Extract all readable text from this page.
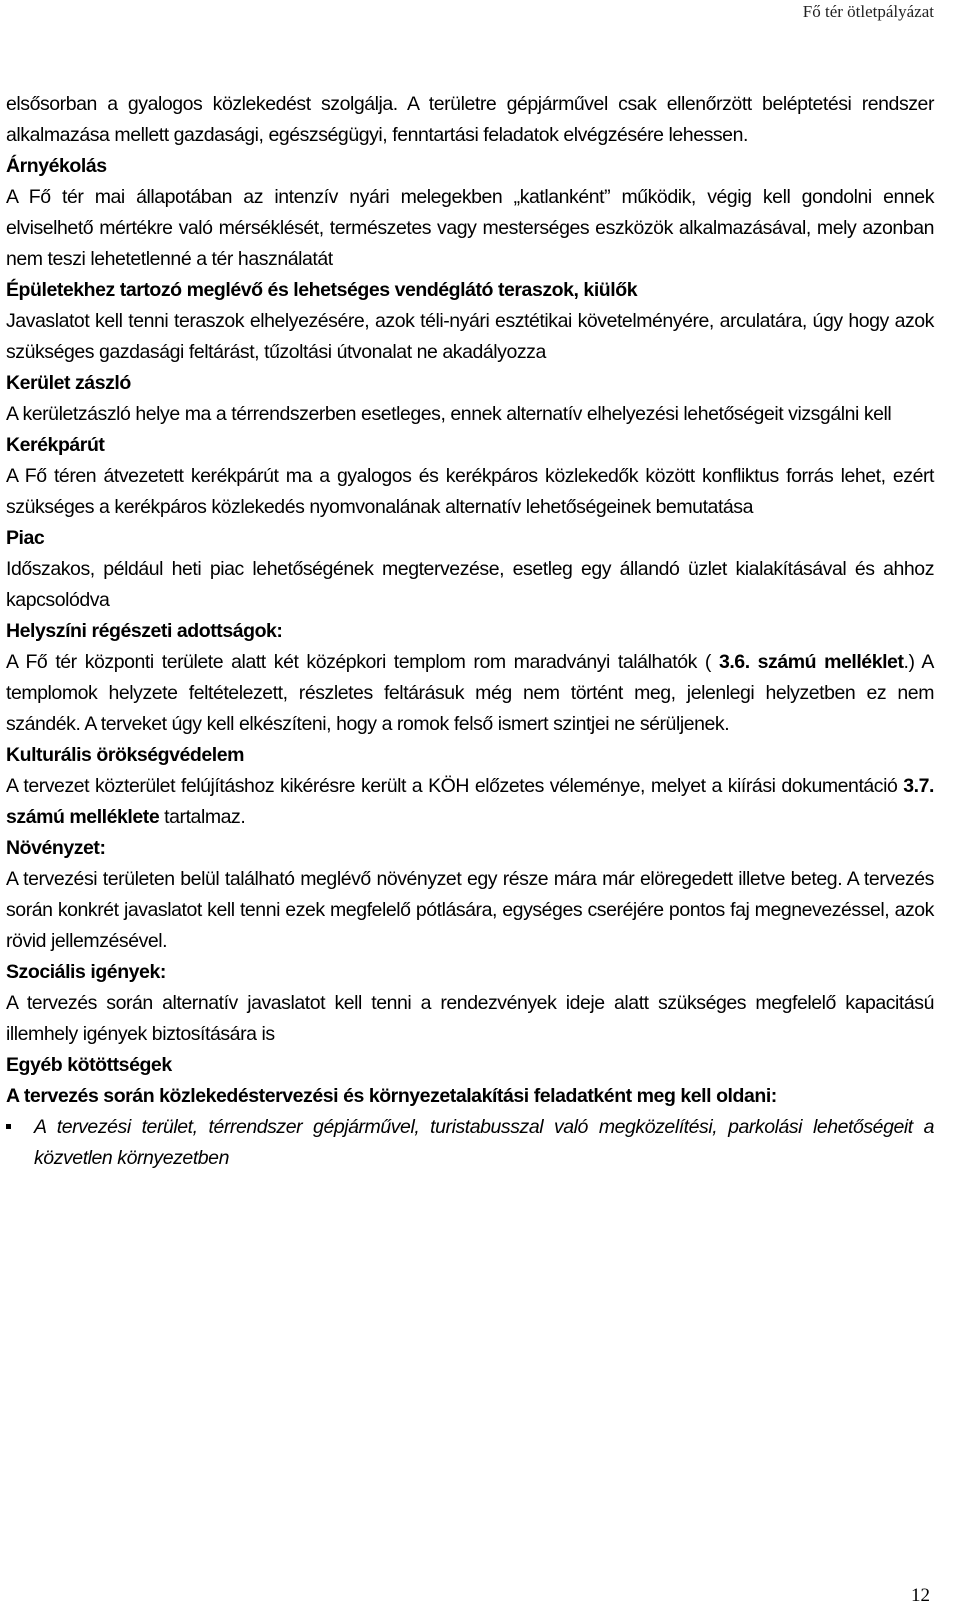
Fő tér ötletpályázat

elsősorban a gyalogos közlekedést szolgálja. A területre gépjárművel csak ellenőrzött beléptetési rendszer alkalmazása mellett gazdasági, egészségügyi, fenntartási feladatok elvégzésére lehessen.

Árnyékolás

A Fő tér mai állapotában az intenzív nyári melegekben „katlanként” működik, végig kell gondolni ennek elviselhető mértékre való mérséklését, természetes vagy mesterséges eszközök alkalmazásával, mely azonban nem teszi lehetetlenné a tér használatát

Épületekhez tartozó meglévő és lehetséges vendéglátó teraszok, kiülők

Javaslatot kell tenni teraszok elhelyezésére, azok téli-nyári esztétikai követelményére, arculatára, úgy hogy azok szükséges gazdasági feltárást, tűzoltási útvonalat ne akadályozza

Kerület zászló

A kerületzászló helye ma a térrendszerben esetleges, ennek alternatív elhelyezési lehetőségeit vizsgálni kell

Kerékpárút

A Fő téren átvezetett kerékpárút ma a gyalogos és kerékpáros közlekedők között konfliktus forrás lehet, ezért szükséges a kerékpáros közlekedés nyomvonalának alternatív lehetőségeinek bemutatása

Piac

Időszakos, például heti piac lehetőségének megtervezése, esetleg egy állandó üzlet kialakításával és ahhoz kapcsolódva

Helyszíni régészeti adottságok:

A Fő tér központi területe alatt két középkori templom rom maradványi találhatók ( 3.6. számú melléklet.) A templomok helyzete feltételezett, részletes feltárásuk még nem történt meg, jelenlegi helyzetben ez nem szándék. A terveket úgy kell elkészíteni, hogy a romok felső ismert szintjei ne sérüljenek.

Kulturális örökségvédelem

A tervezet közterület felújításhoz kikérésre került a KÖH előzetes véleménye, melyet a kiírási dokumentáció 3.7. számú melléklete tartalmaz.

Növényzet:

A tervezési területen belül található meglévő növényzet egy része mára már elöregedett illetve beteg. A tervezés során konkrét javaslatot kell tenni ezek megfelelő pótlására, egységes cseréjére pontos faj megnevezéssel, azok rövid jellemzésével.

Szociális igények:

A tervezés során alternatív javaslatot kell tenni a rendezvények ideje alatt szükséges megfelelő kapacitású illemhely igények biztosítására is

Egyéb kötöttségek

A tervezés során közlekedéstervezési és környezetalakítási feladatként meg kell oldani:

A tervezési terület, térrendszer gépjárművel, turistabusszal való megközelítési, parkolási lehetőségeit a közvetlen környezetben
12
